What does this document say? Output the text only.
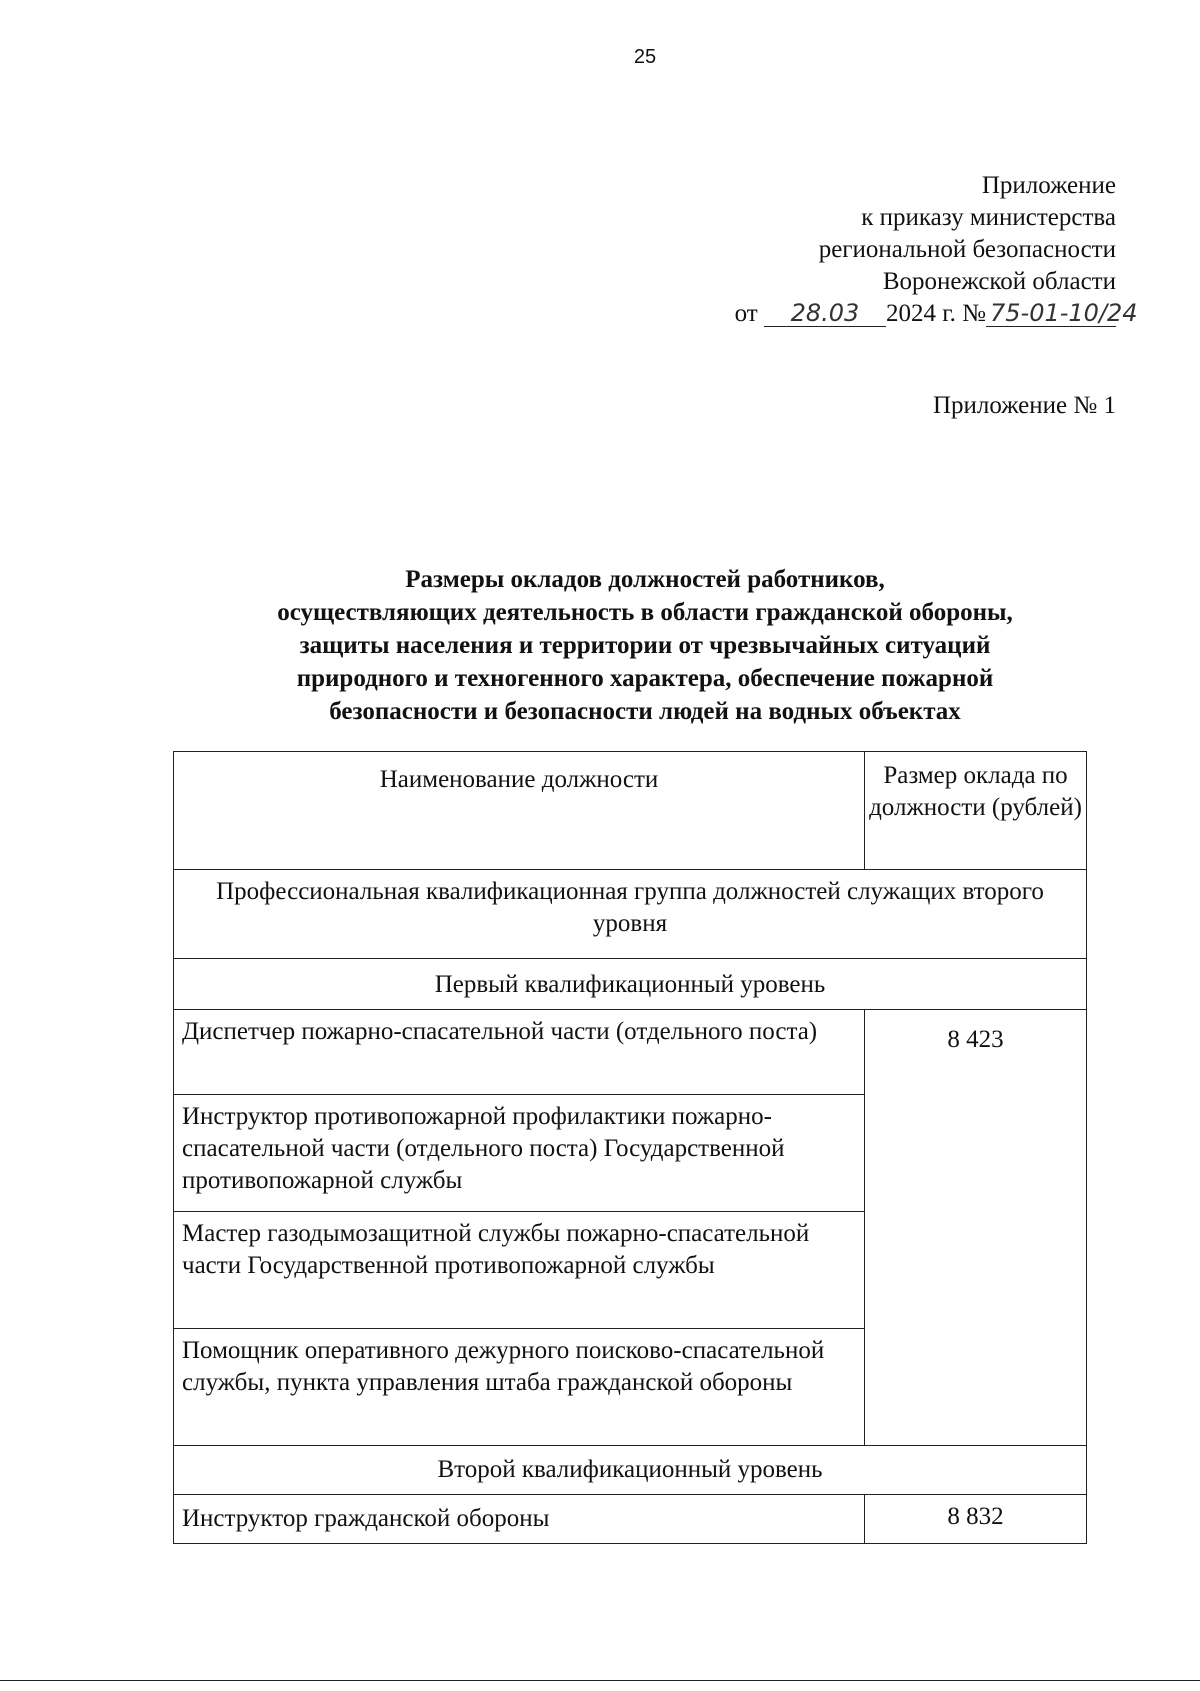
25
Приложение
к приказу министерства
региональной безопасности
Воронежской области
от 28.03 2024 г. № 75-01-10/24
Приложение № 1
Размеры окладов должностей работников,
осуществляющих деятельность в области гражданской обороны,
защиты населения и территории от чрезвычайных ситуаций
природного и техногенного характера, обеспечение пожарной
безопасности и безопасности людей на водных объектах
Наименование должности	Размер оклада по должности (рублей)
Профессиональная квалификационная группа должностей служащих второго уровня	
Первый квалификационный уровень	
Диспетчер пожарно-спасательной части (отдельного поста)	8 423
Инструктор противопожарной профилактики пожарно-спасательной части (отдельного поста) Государственной противопожарной службы	
Мастер газодымозащитной службы пожарно-спасательной части Государственной противопожарной службы	
Помощник оперативного дежурного поисково-спасательной службы, пункта управления штаба гражданской обороны	
Второй квалификационный уровень	
Инструктор гражданской обороны	8 832
